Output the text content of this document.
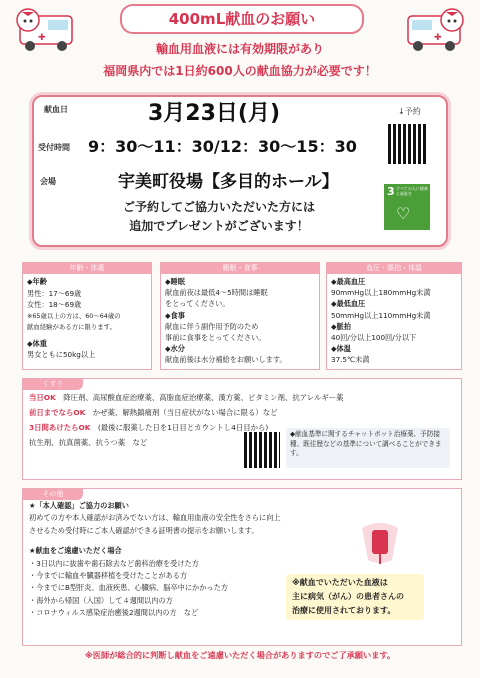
✚	✚
400mL献血のお願い
輸血用血液には有効期限があり
福岡県内では1日約600人の献血協力が必要です！
献血日	3月23日(月)	↓予約
受付時間 9：30〜11：30/12：30〜15：30
会場	宇美町役場【多目的ホール】	3 すべての人に健康と福祉を
♡
ご予約してご協力いただいた方には
追加でプレゼントがございます！
年齢・体重
◆年齢
男性：17〜69歳
女性：18〜69歳
※65歳以上の方は、60〜64歳の
献血経験がある方に限ります。
◆体重
男女ともに50kg以上
睡眠・食事
◆睡眠
献血前夜は最低4〜5時間は睡眠
をとってください。
◆食事
献血に伴う副作用予防のため
事前に食事をとってください。
◆水分
献血前後は水分補給をお願いします。
血圧・脈拍・体温
◆最高血圧
90mmHg以上180mmHg未満
◆最低血圧
50mmHg以上110mmHg未満
◆脈拍
40回/分以上100回/分以下
◆体温
37.5℃未満
くすり
当日OK　 降圧剤、高尿酸血症治療薬、高脂血症治療薬、漢方薬、ビタミン剤、抗アレルギー薬
前日までならOK　 かぜ薬、解熱鎮痛剤（当日症状がない場合に限る）など
3日間あけたらOK　 (最後に服薬した日を1日目とカウントし4日目から)
抗生剤、抗真菌薬、抗うつ薬　など
◆献血基準に関するチャットボット治療薬、予防接種、既往歴などの基準について調べることができます。
その他
★「本人確認」ご協力のお願い
初めての方や本人確認がお済みでない方は、輸血用血液の安全性をさらに向上
させるため受付時にご本人確認ができる証明書の提示をお願いします。
★献血をご遠慮いただく場合
・3日以内に抜歯や歯石除去など歯科治療を受けた方
・今までに輸血や臓器移植を受けたことがある方
・今までにB型肝炎、血液疾患、心臓病、脳卒中にかかった方
・海外から帰国（入国）して４週間以内の方
・コロナウィルス感染症治癒後2週間以内の方　など
※献血でいただいた血液は
主に病気（がん）の患者さんの
治療に使用されております。
※医師が総合的に判断し献血をご遠慮いただく場合がありますのでご了承願います。
